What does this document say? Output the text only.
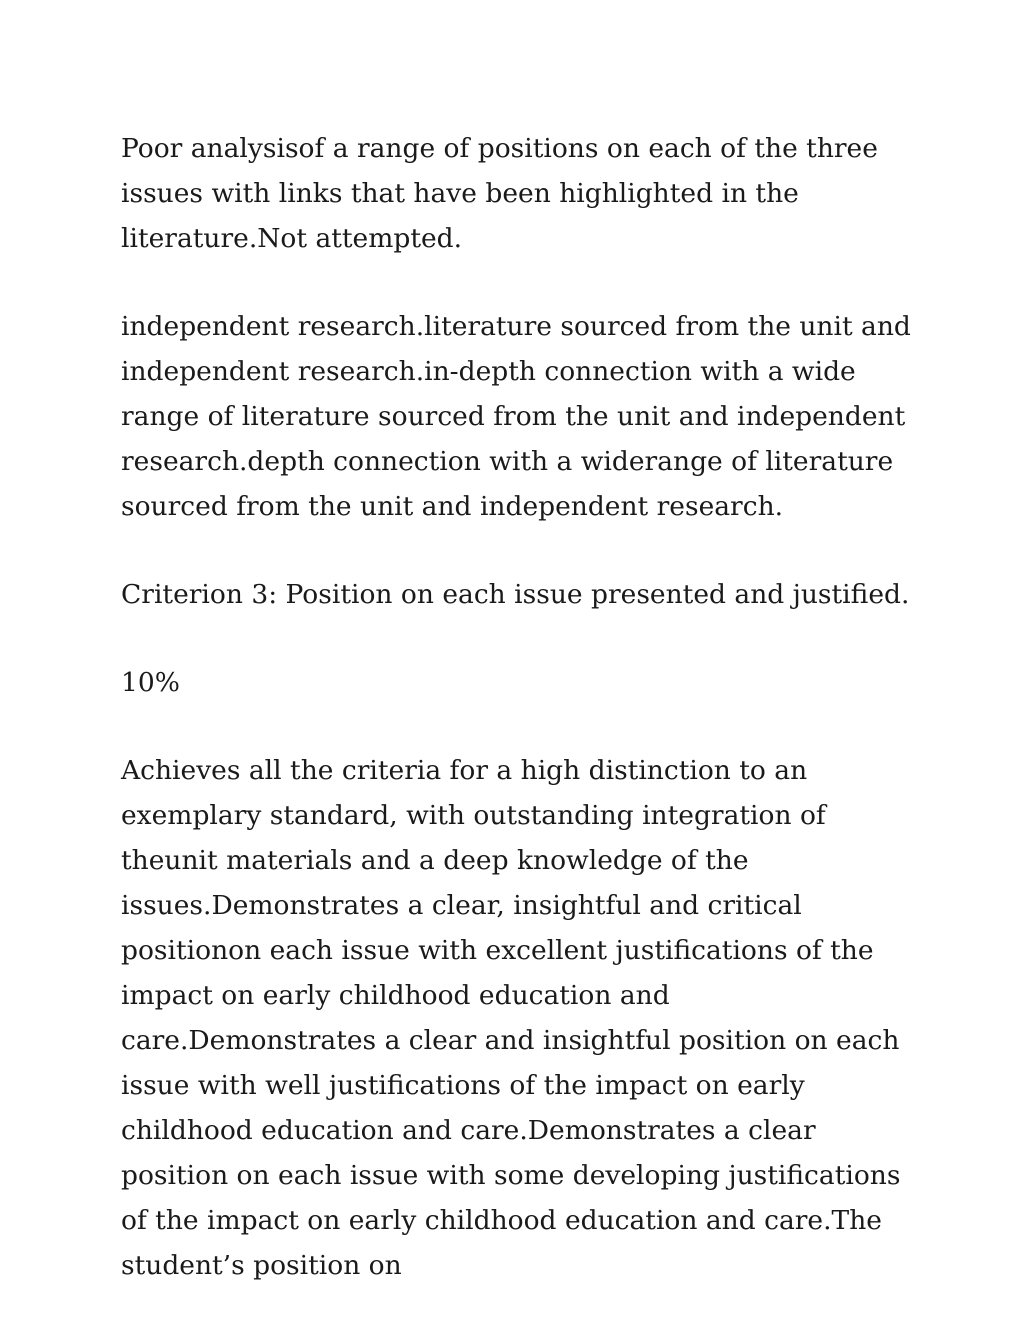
Poor analysisof a range of positions on each of the three issues with links that have been highlighted in the literature.Not attempted.

independent research.literature sourced from the unit and independent research.in-depth connection with a wide range of literature sourced from the unit and independent research.depth connection with a widerange of literature sourced from the unit and independent research.

Criterion 3: Position on each issue presented and justified.

10%

Achieves all the criteria for a high distinction to an exemplary standard, with outstanding integration of theunit materials and a deep knowledge of the issues.Demonstrates a clear, insightful and critical positionon each issue with excellent justifications of the impact on early childhood education and care.Demonstrates a clear and insightful position on each issue with well justifications of the impact on early childhood education and care.Demonstrates a clear position on each issue with some developing justifications of the impact on early childhood education and care.The student’s position on
